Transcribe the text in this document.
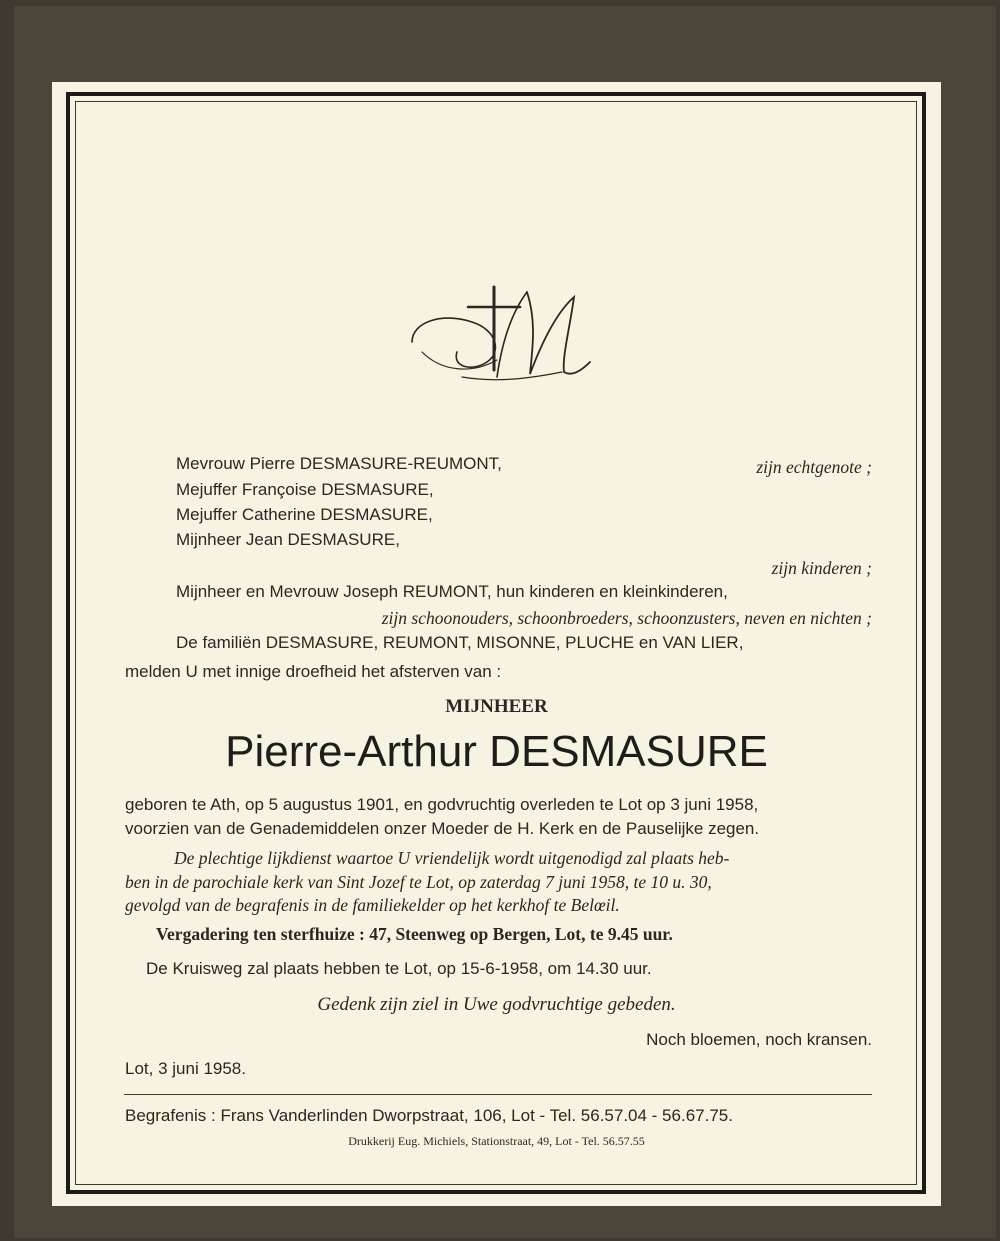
Mevrouw Pierre DESMASURE-REUMONT,	zijn echtgenote ;
Mejuffer Françoise DESMASURE,
Mejuffer Catherine DESMASURE,
Mijnheer Jean DESMASURE,
zijn kinderen ;
Mijnheer en Mevrouw Joseph REUMONT, hun kinderen en kleinkinderen,
zijn schoonouders, schoonbroeders, schoonzusters, neven en nichten ;
De familiën DESMASURE, REUMONT, MISONNE, PLUCHE en VAN LIER,
melden U met innige droefheid het afsterven van :
MIJNHEER
Pierre-Arthur DESMASURE
geboren te Ath, op 5 augustus 1901, en godvruchtig overleden te Lot op 3 juni 1958,
voorzien van de Genademiddelen onzer Moeder de H. Kerk en de Pauselijke zegen.
De plechtige lijkdienst waartoe U vriendelijk wordt uitgenodigd zal plaats heb-
ben in de parochiale kerk van Sint Jozef te Lot, op zaterdag 7 juni 1958, te 10 u. 30,
gevolgd van de begrafenis in de familiekelder op het kerkhof te Belœil.
Vergadering ten sterfhuize : 47, Steenweg op Bergen, Lot, te 9.45 uur.
De Kruisweg zal plaats hebben te Lot, op 15-6-1958, om 14.30 uur.
Gedenk zijn ziel in Uwe godvruchtige gebeden.
Noch bloemen, noch kransen.
Lot, 3 juni 1958.
Begrafenis : Frans Vanderlinden Dworpstraat, 106, Lot - Tel. 56.57.04 - 56.67.75.
Drukkerij Eug. Michiels, Stationstraat, 49, Lot - Tel. 56.57.55
